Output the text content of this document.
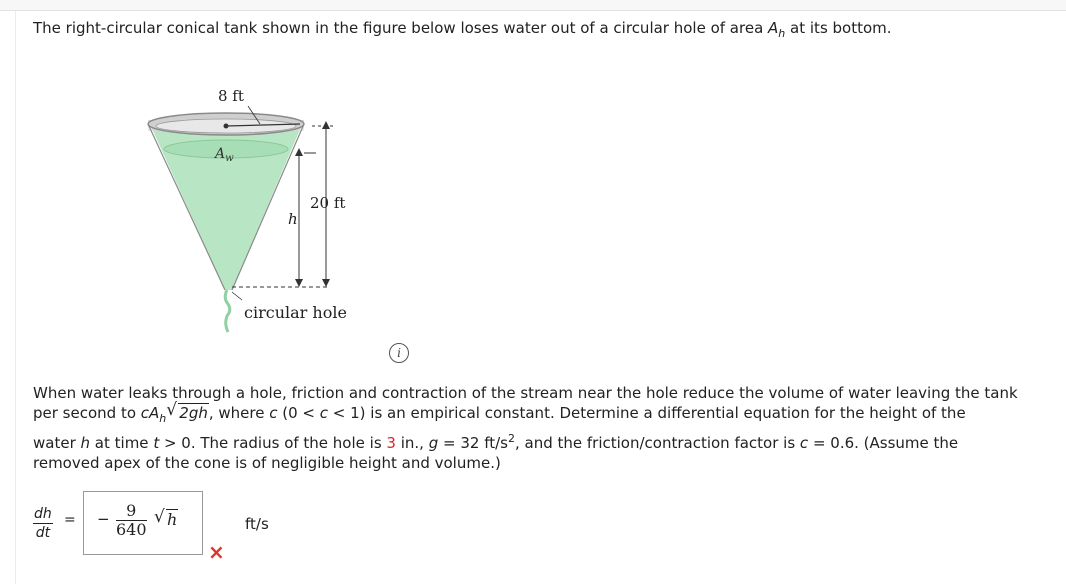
The right-circular conical tank shown in the figure below loses water out of a circular hole of area $A_h$ at its bottom.
8 ft
$A_w$
20 ft
h
circular hole
i
When water leaks through a hole, friction and contraction of the stream near the hole reduce the volume of water leaving the tank
per second to $cA_h$ √ 2gh, where c (0 < c < 1) is an empirical constant. Determine a differential equation for the height of the
water h at time t > 0. The radius of the hole is 3 in., g = 32 $ft/s^2$, and the friction/contraction factor is c = 0.6. (Assume the
removed apex of the cone is of negligible height and volume.)
$\frac{dh}{dt}$ = − $\frac{9}{640}$ √ h	ft/s
×
